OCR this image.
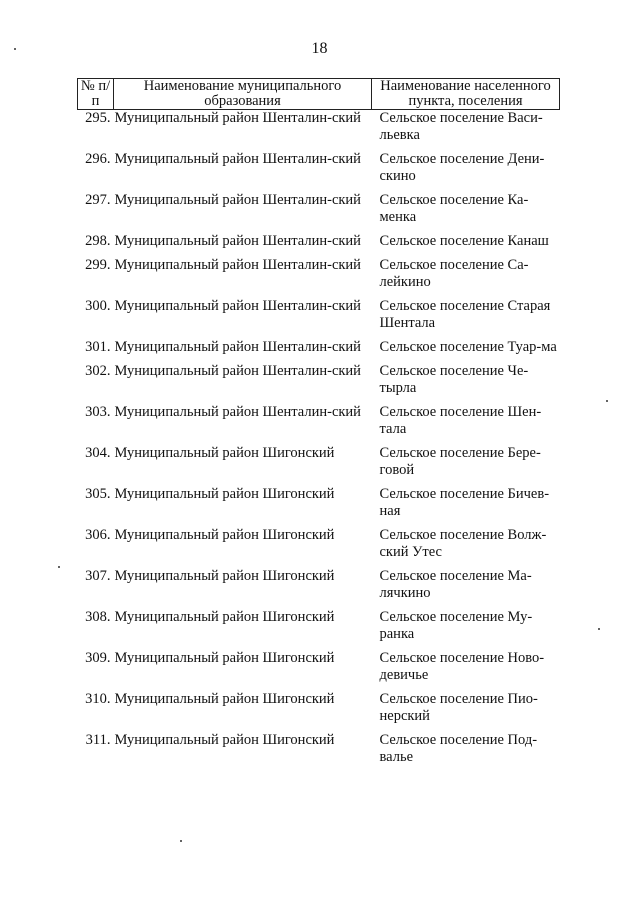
18
№ п/п	Наименование муниципального образования	Наименование населенного пункта, поселения
295.	Муниципальный район Шенталин-ский	Сельское поселение Васи-льевка
296.	Муниципальный район Шенталин-ский	Сельское поселение Дени-скино
297.	Муниципальный район Шенталин-ский	Сельское поселение Ка-менка
298.	Муниципальный район Шенталин-ский	Сельское поселение Канаш
299.	Муниципальный район Шенталин-ский	Сельское поселение Са-лейкино
300.	Муниципальный район Шенталин-ский	Сельское поселение Старая Шентала
301.	Муниципальный район Шенталин-ский	Сельское поселение Туар-ма
302.	Муниципальный район Шенталин-ский	Сельское поселение Че-тырла
303.	Муниципальный район Шенталин-ский	Сельское поселение Шен-тала
304.	Муниципальный район Шигонский	Сельское поселение Бере-говой
305.	Муниципальный район Шигонский	Сельское поселение Бичев-ная
306.	Муниципальный район Шигонский	Сельское поселение Волж-ский Утес
307.	Муниципальный район Шигонский	Сельское поселение Ма-лячкино
308.	Муниципальный район Шигонский	Сельское поселение Му-ранка
309.	Муниципальный район Шигонский	Сельское поселение Ново-девичье
310.	Муниципальный район Шигонский	Сельское поселение Пио-нерский
311.	Муниципальный район Шигонский	Сельское поселение Под-валье
